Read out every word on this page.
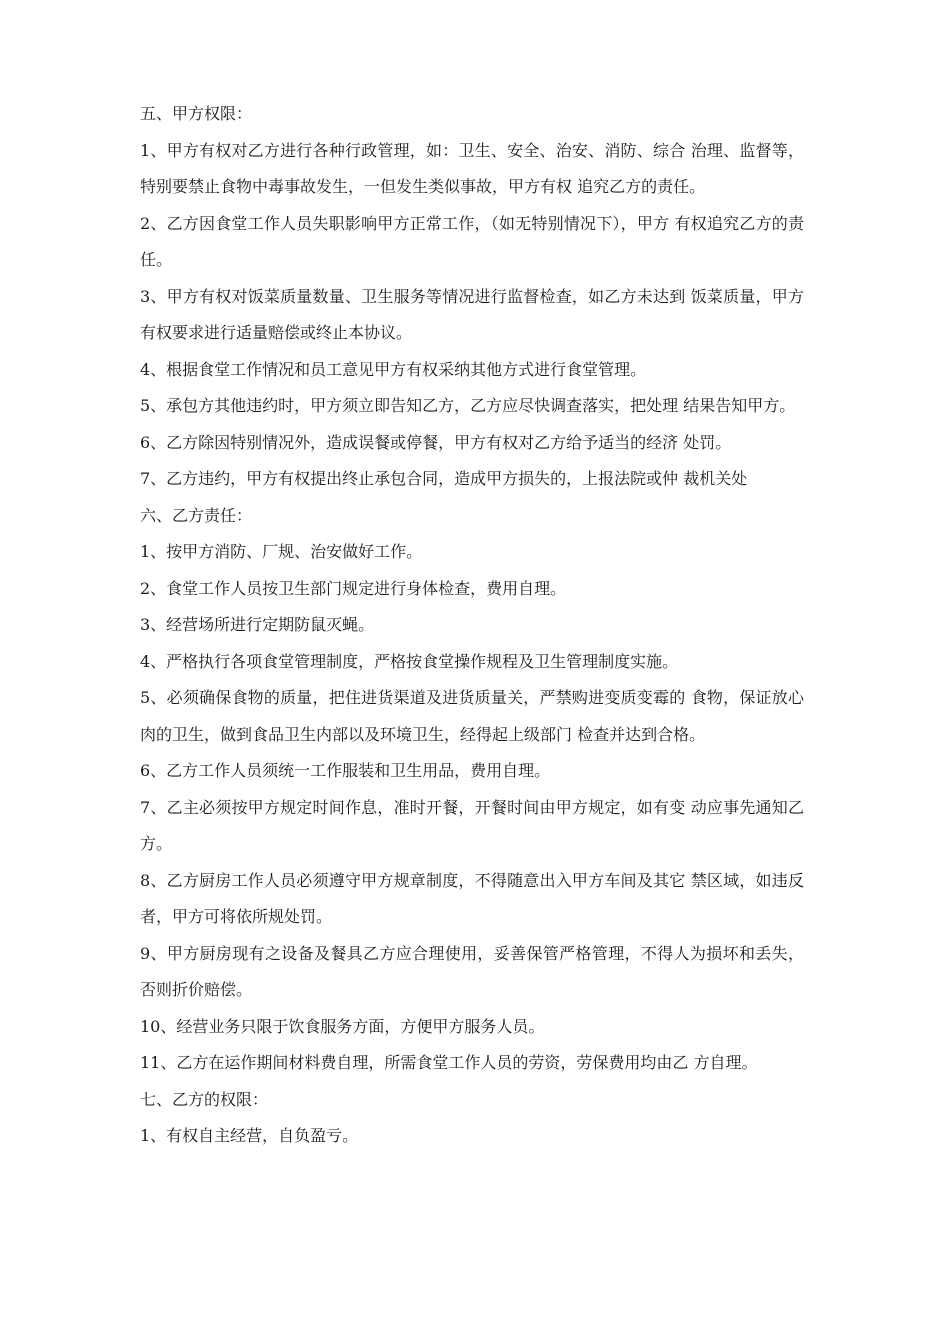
五、甲方权限：

1、甲方有权对乙方进行各种行政管理，如：卫生、安全、治安、消防、综合 治理、监督等，特别要禁止食物中毒事故发生，一但发生类似事故，甲方有权 追究乙方的责任。

2、乙方因食堂工作人员失职影响甲方正常工作，（如无特别情况下），甲方 有权追究乙方的责任。

3、甲方有权对饭菜质量数量、卫生服务等情况进行监督检查，如乙方未达到 饭菜质量，甲方有权要求进行适量赔偿或终止本协议。

4、根据食堂工作情况和员工意见甲方有权采纳其他方式进行食堂管理。

5、承包方其他违约时，甲方须立即告知乙方，乙方应尽快调查落实，把处理 结果告知甲方。

6、乙方除因特别情况外，造成误餐或停餐，甲方有权对乙方给予适当的经济 处罚。

7、乙方违约，甲方有权提出终止承包合同，造成甲方损失的，上报法院或仲 裁机关处

六、乙方责任：

1、按甲方消防、厂规、治安做好工作。

2、食堂工作人员按卫生部门规定进行身体检查，费用自理。

3、经营场所进行定期防鼠灭蝇。

4、严格执行各项食堂管理制度，严格按食堂操作规程及卫生管理制度实施。

5、必须确保食物的质量，把住进货渠道及进货质量关，严禁购进变质变霉的 食物，保证放心肉的卫生，做到食品卫生内部以及环境卫生，经得起上级部门 检查并达到合格。

6、乙方工作人员须统一工作服装和卫生用品，费用自理。

7、乙主必须按甲方规定时间作息，准时开餐，开餐时间由甲方规定，如有变 动应事先通知乙方。

8、乙方厨房工作人员必须遵守甲方规章制度，不得随意出入甲方车间及其它 禁区域，如违反者，甲方可将依所规处罚。

9、甲方厨房现有之设备及餐具乙方应合理使用，妥善保管严格管理，不得人为损坏和丢失，否则折价赔偿。

10、经营业务只限于饮食服务方面，方便甲方服务人员。

11、乙方在运作期间材料费自理，所需食堂工作人员的劳资，劳保费用均由乙 方自理。

七、乙方的权限：

1、有权自主经营，自负盈亏。
